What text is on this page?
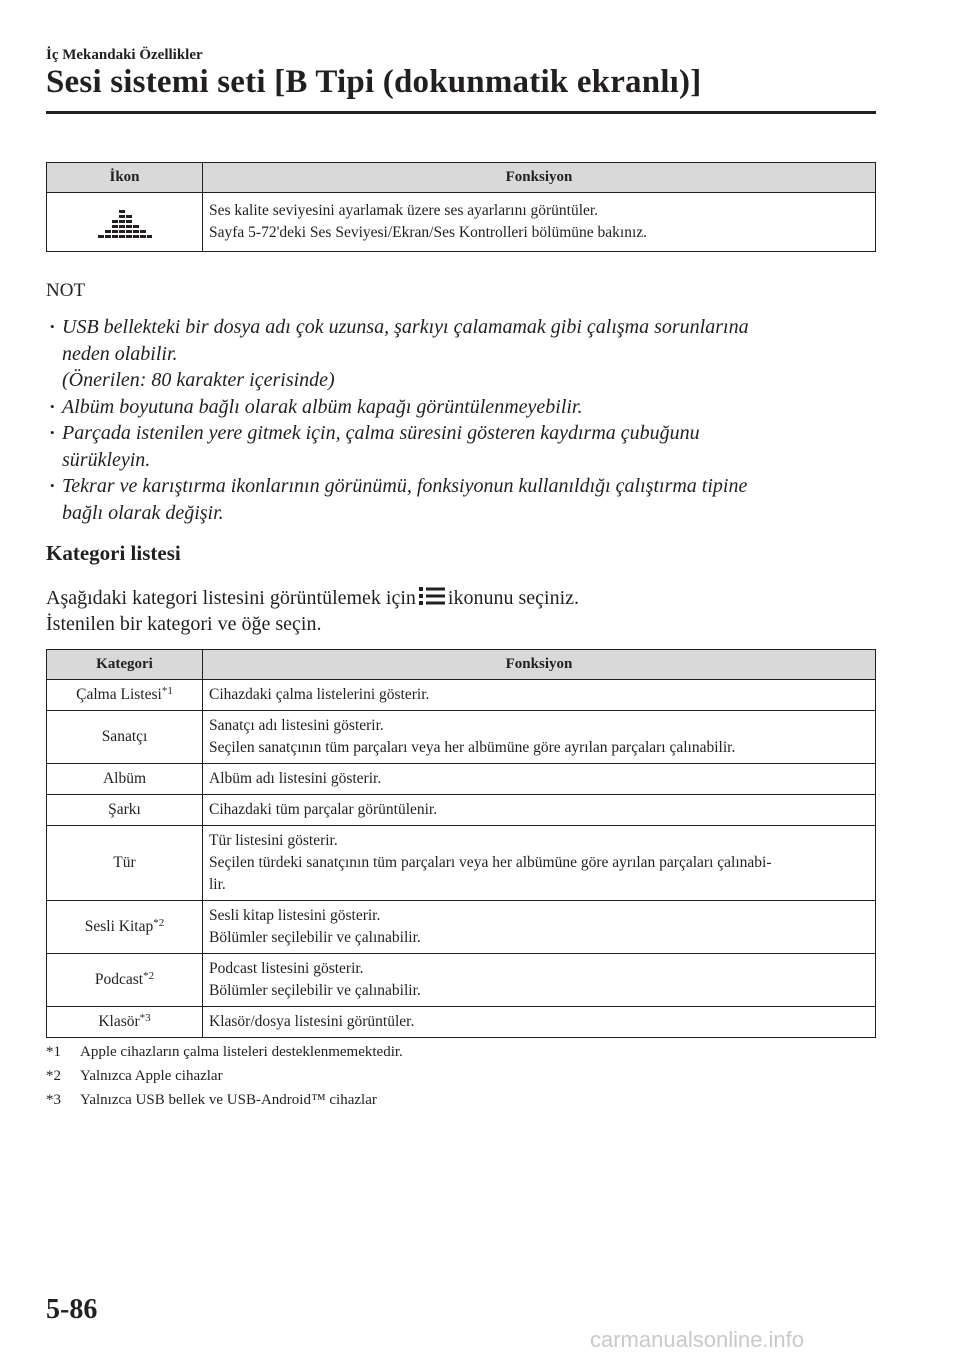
İç Mekandaki Özellikler
Sesi sistemi seti [B Tipi (dokunmatik ekranlı)]
İkon	Fonksiyon

Ses kalite seviyesini ayarlamak üzere ses ayarlarını görüntüler.
Sayfa 5-72'deki Ses Seviyesi/Ekran/Ses Kontrolleri bölümüne bakınız.
NOT
• USB bellekteki bir dosya adı çok uzunsa, şarkıyı çalamamak gibi çalışma sorunlarına
neden olabilir.
(Önerilen: 80 karakter içerisinde)
• Albüm boyutuna bağlı olarak albüm kapağı görüntülenmeyebilir.
• Parçada istenilen yere gitmek için, çalma süresini gösteren kaydırma çubuğunu
sürükleyin.
• Tekrar ve karıştırma ikonlarının görünümü, fonksiyonun kullanıldığı çalıştırma tipine
bağlı olarak değişir.
Kategori listesi
Aşağıdaki kategori listesini görüntülemek için ikonunu seçiniz.
İstenilen bir kategori ve öğe seçin.
Kategori	Fonksiyon
Çalma Listesi$^{*1}$	Cihazdaki çalma listelerini gösterir.

Sanatçı	Sanatçı adı listesini gösterir.
Seçilen sanatçının tüm parçaları veya her albümüne göre ayrılan parçaları çalınabilir.

Albüm	Albüm adı listesini gösterir.

Şarkı	Cihazdaki tüm parçalar görüntülenir.

Tür	Tür listesini gösterir.
Seçilen türdeki sanatçının tüm parçaları veya her albümüne göre ayrılan parçaları çalınabi-
lir.

Sesli Kitap$^{*2}$	Sesli kitap listesini gösterir.
Bölümler seçilebilir ve çalınabilir.

Podcast$^{*2}$	Podcast listesini gösterir.
Bölümler seçilebilir ve çalınabilir.

Klasör$^{*3}$	Klasör/dosya listesini görüntüler.
*1 Apple cihazların çalma listeleri desteklenmemektedir.
*2 Yalnızca Apple cihazlar
*3 Yalnızca USB bellek ve USB-Android™ cihazlar
5-86
carmanualsonline.info
